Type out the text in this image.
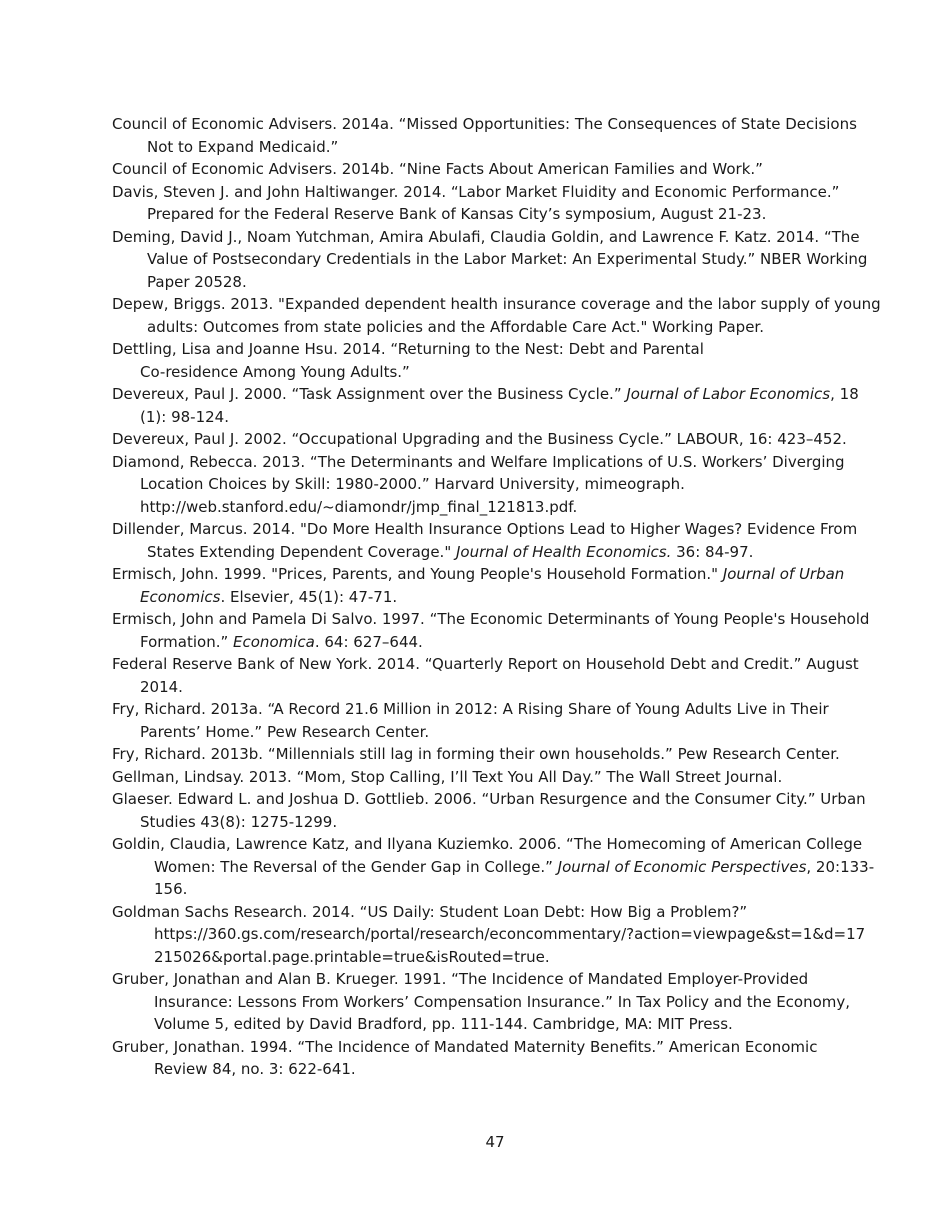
Council of Economic Advisers. 2014a. “Missed Opportunities: The Consequences of State Decisions
Not to Expand Medicaid.”

Council of Economic Advisers. 2014b. “Nine Facts About American Families and Work.”

Davis, Steven J. and John Haltiwanger. 2014. “Labor Market Fluidity and Economic Performance.”
Prepared for the Federal Reserve Bank of Kansas City’s symposium, August 21-23.

Deming, David J., Noam Yutchman, Amira Abulafi, Claudia Goldin, and Lawrence F. Katz. 2014. “The
Value of Postsecondary Credentials in the Labor Market: An Experimental Study.” NBER Working
Paper 20528.

Depew, Briggs. 2013. "Expanded dependent health insurance coverage and the labor supply of young
adults: Outcomes from state policies and the Affordable Care Act." Working Paper.

Dettling, Lisa and Joanne Hsu. 2014. “Returning to the Nest: Debt and Parental
Co-residence Among Young Adults.”

Devereux, Paul J. 2000. “Task Assignment over the Business Cycle.” Journal of Labor Economics, 18
(1): 98-124.

Devereux, Paul J. 2002. “Occupational Upgrading and the Business Cycle.” LABOUR, 16: 423–452.

Diamond, Rebecca. 2013. “The Determinants and Welfare Implications of U.S. Workers’ Diverging
Location Choices by Skill: 1980-2000.” Harvard University, mimeograph.
http://web.stanford.edu/~diamondr/jmp_final_121813.pdf.

Dillender, Marcus. 2014. "Do More Health Insurance Options Lead to Higher Wages? Evidence From
States Extending Dependent Coverage." Journal of Health Economics. 36: 84-97.

Ermisch, John. 1999. "Prices, Parents, and Young People's Household Formation." Journal of Urban
Economics. Elsevier, 45(1): 47-71.

Ermisch, John and Pamela Di Salvo. 1997. “The Economic Determinants of Young People's Household
Formation.” Economica. 64: 627–644.

Federal Reserve Bank of New York. 2014. “Quarterly Report on Household Debt and Credit.” August
2014.

Fry, Richard. 2013a. “A Record 21.6 Million in 2012: A Rising Share of Young Adults Live in Their
Parents’ Home.” Pew Research Center.

Fry, Richard. 2013b. “Millennials still lag in forming their own households.” Pew Research Center.

Gellman, Lindsay. 2013. “Mom, Stop Calling, I’ll Text You All Day.” The Wall Street Journal.

Glaeser. Edward L. and Joshua D. Gottlieb. 2006. “Urban Resurgence and the Consumer City.” Urban
Studies 43(8): 1275-1299.

Goldin, Claudia, Lawrence Katz, and Ilyana Kuziemko. 2006. “The Homecoming of American College
Women: The Reversal of the Gender Gap in College.” Journal of Economic Perspectives, 20:133-
156.

Goldman Sachs Research. 2014. “US Daily: Student Loan Debt: How Big a Problem?”
https://360.gs.com/research/portal/research/econcommentary/?action=viewpage&st=1&d=17
215026&portal.page.printable=true&isRouted=true.

Gruber, Jonathan and Alan B. Krueger. 1991. “The Incidence of Mandated Employer-Provided
Insurance: Lessons From Workers’ Compensation Insurance.” In Tax Policy and the Economy,
Volume 5, edited by David Bradford, pp. 111-144. Cambridge, MA: MIT Press.

Gruber, Jonathan. 1994. “The Incidence of Mandated Maternity Benefits.” American Economic
Review 84, no. 3: 622-641.

47
